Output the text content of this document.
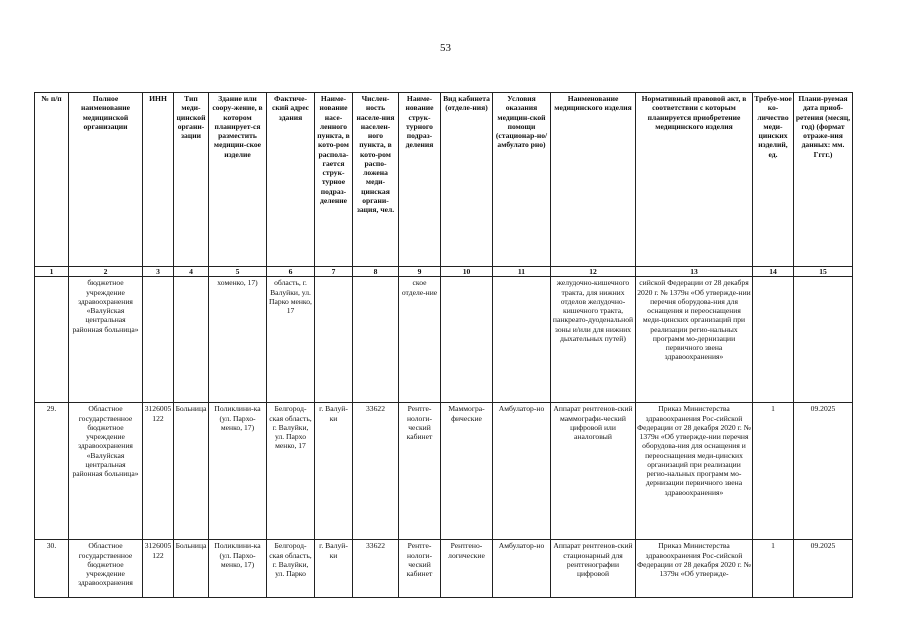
53
№ п/п	Полное наименование медицинской организации	ИНН	Тип меди-цинской органи-зации	Здание или соору-жение, в котором планирует-ся разместить медицин-ское изделие	Фактиче-ский адрес здания	Наиме-нование насе-ленного пункта, в кото-ром распола-гается струк-турное подраз-деление	Числен-ность населе-ния населен-ного пункта, в кото-ром распо-ложена меди-цинская органи-зация, чел.	Наиме-нование струк-турного подраз-деления	Вид кабинета (отделе-ния)	Условия оказания медицин-ской помощи (стационар-но/амбулато рно)	Наименование медицинского изделия	Нормативный правовой акт, в соответствии с которым планируется приобретение медицинского изделия	Требуе-мое ко-личество меди-цинских изделий, ед.	Плани-руемая дата приоб-ретения (месяц, год) (формат отраже-ния данных: мм. Гггг.)
1	2	3	4	5	6	7	8	9	10	11	12	13	14	15
	бюджетное учреждение здравоохранения «Валуйская центральная районная больница»			хоменко, 17)	область, г. Валуйки, ул. Парко менко, 17			ское отделе-ние			желудочно-кишечного тракта, для нижних отделов желудочно-кишечного тракта, панкреато-дуоденальной зоны и/или для нижних дыхательных путей)	сийской Федерации от 28 декабря 2020 г. № 1379н «Об утвержде-нии перечня оборудова-ния для оснащения и переоснащения меди-цинских организаций при реализации регио-нальных программ мо-дернизации первичного звена здравоохранения»		
29.	Областное государственное бюджетное учреждение здравоохранения «Валуйская центральная районная больница»	3126005122	Больница	Поликлини-ка (ул. Пархо-менко, 17)	Белгород-ская область, г. Валуйки, ул. Пархо менко, 17	г. Валуй-ки	33622	Рентге-нологи-ческий кабинет	Маммогра-фические	Амбулатор-но	Аппарат рентгенов-ский маммографи-ческий цифровой или аналоговый	Приказ Министерства здравоохранения Рос-сийской Федерации от 28 декабря 2020 г. № 1379н «Об утвержде-нии перечня оборудова-ния для оснащения и переоснащения меди-цинских организаций при реализации регио-нальных программ мо-дернизации первичного звена здравоохранения»	1	09.2025
30.	Областное государственное бюджетное учреждение здравоохранения	3126005122	Больница	Поликлини-ка (ул. Пархо-менко, 17)	Белгород-ская область, г. Валуйки, ул. Парко	г. Валуй-ки	33622	Рентге-нологи-ческий кабинет	Рентгено-логические	Амбулатор-но	Аппарат рентгенов-ский стационарный для рентгенографии цифровой	Приказ Министерства здравоохранения Рос-сийской Федерации от 28 декабря 2020 г. № 1379н «Об утвержде-	1	09.2025
